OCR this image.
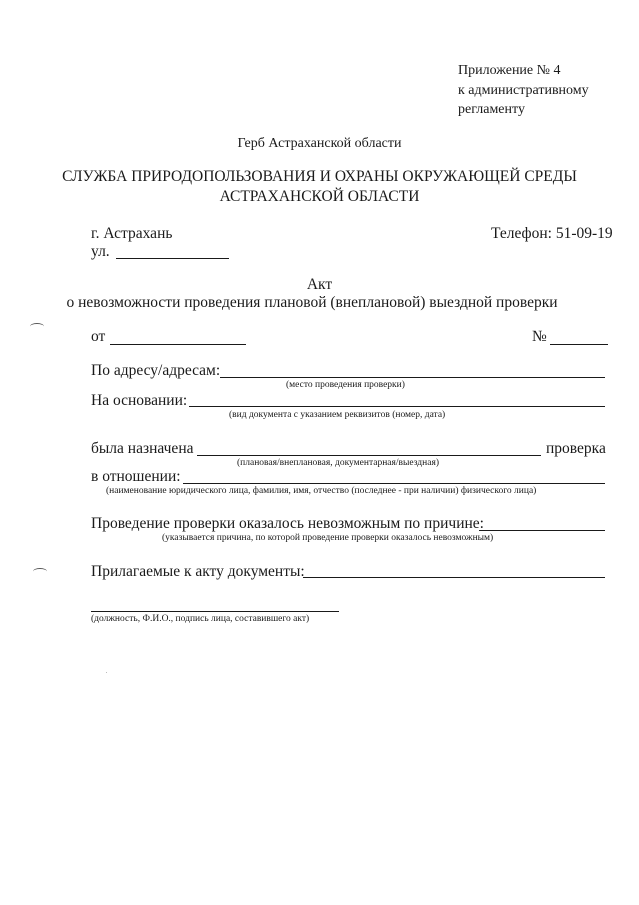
Приложение № 4
к административному
регламенту
Герб Астраханской области
СЛУЖБА ПРИРОДОПОЛЬЗОВАНИЯ И ОХРАНЫ ОКРУЖАЮЩЕЙ СРЕДЫ
АСТРАХАНСКОЙ ОБЛАСТИ
г. Астрахань	Телефон: 51-09-19
ул.
Акт
о невозможности проведения плановой (внеплановой) выездной проверки
от	№
По адресу/адресам:
(место проведения проверки)
На основании:
(вид документа с указанием реквизитов (номер, дата)
была назначена	проверка
(плановая/внеплановая, документарная/выездная)
в отношении:
(наименование юридического лица, фамилия, имя, отчество (последнее - при наличии) физического лица)
Проведение проверки оказалось невозможным по причине:
(указывается причина, по которой проведение проверки оказалось невозможным)
Прилагаемые к акту документы:
(должность, Ф.И.О., подпись лица, составившего акт)
